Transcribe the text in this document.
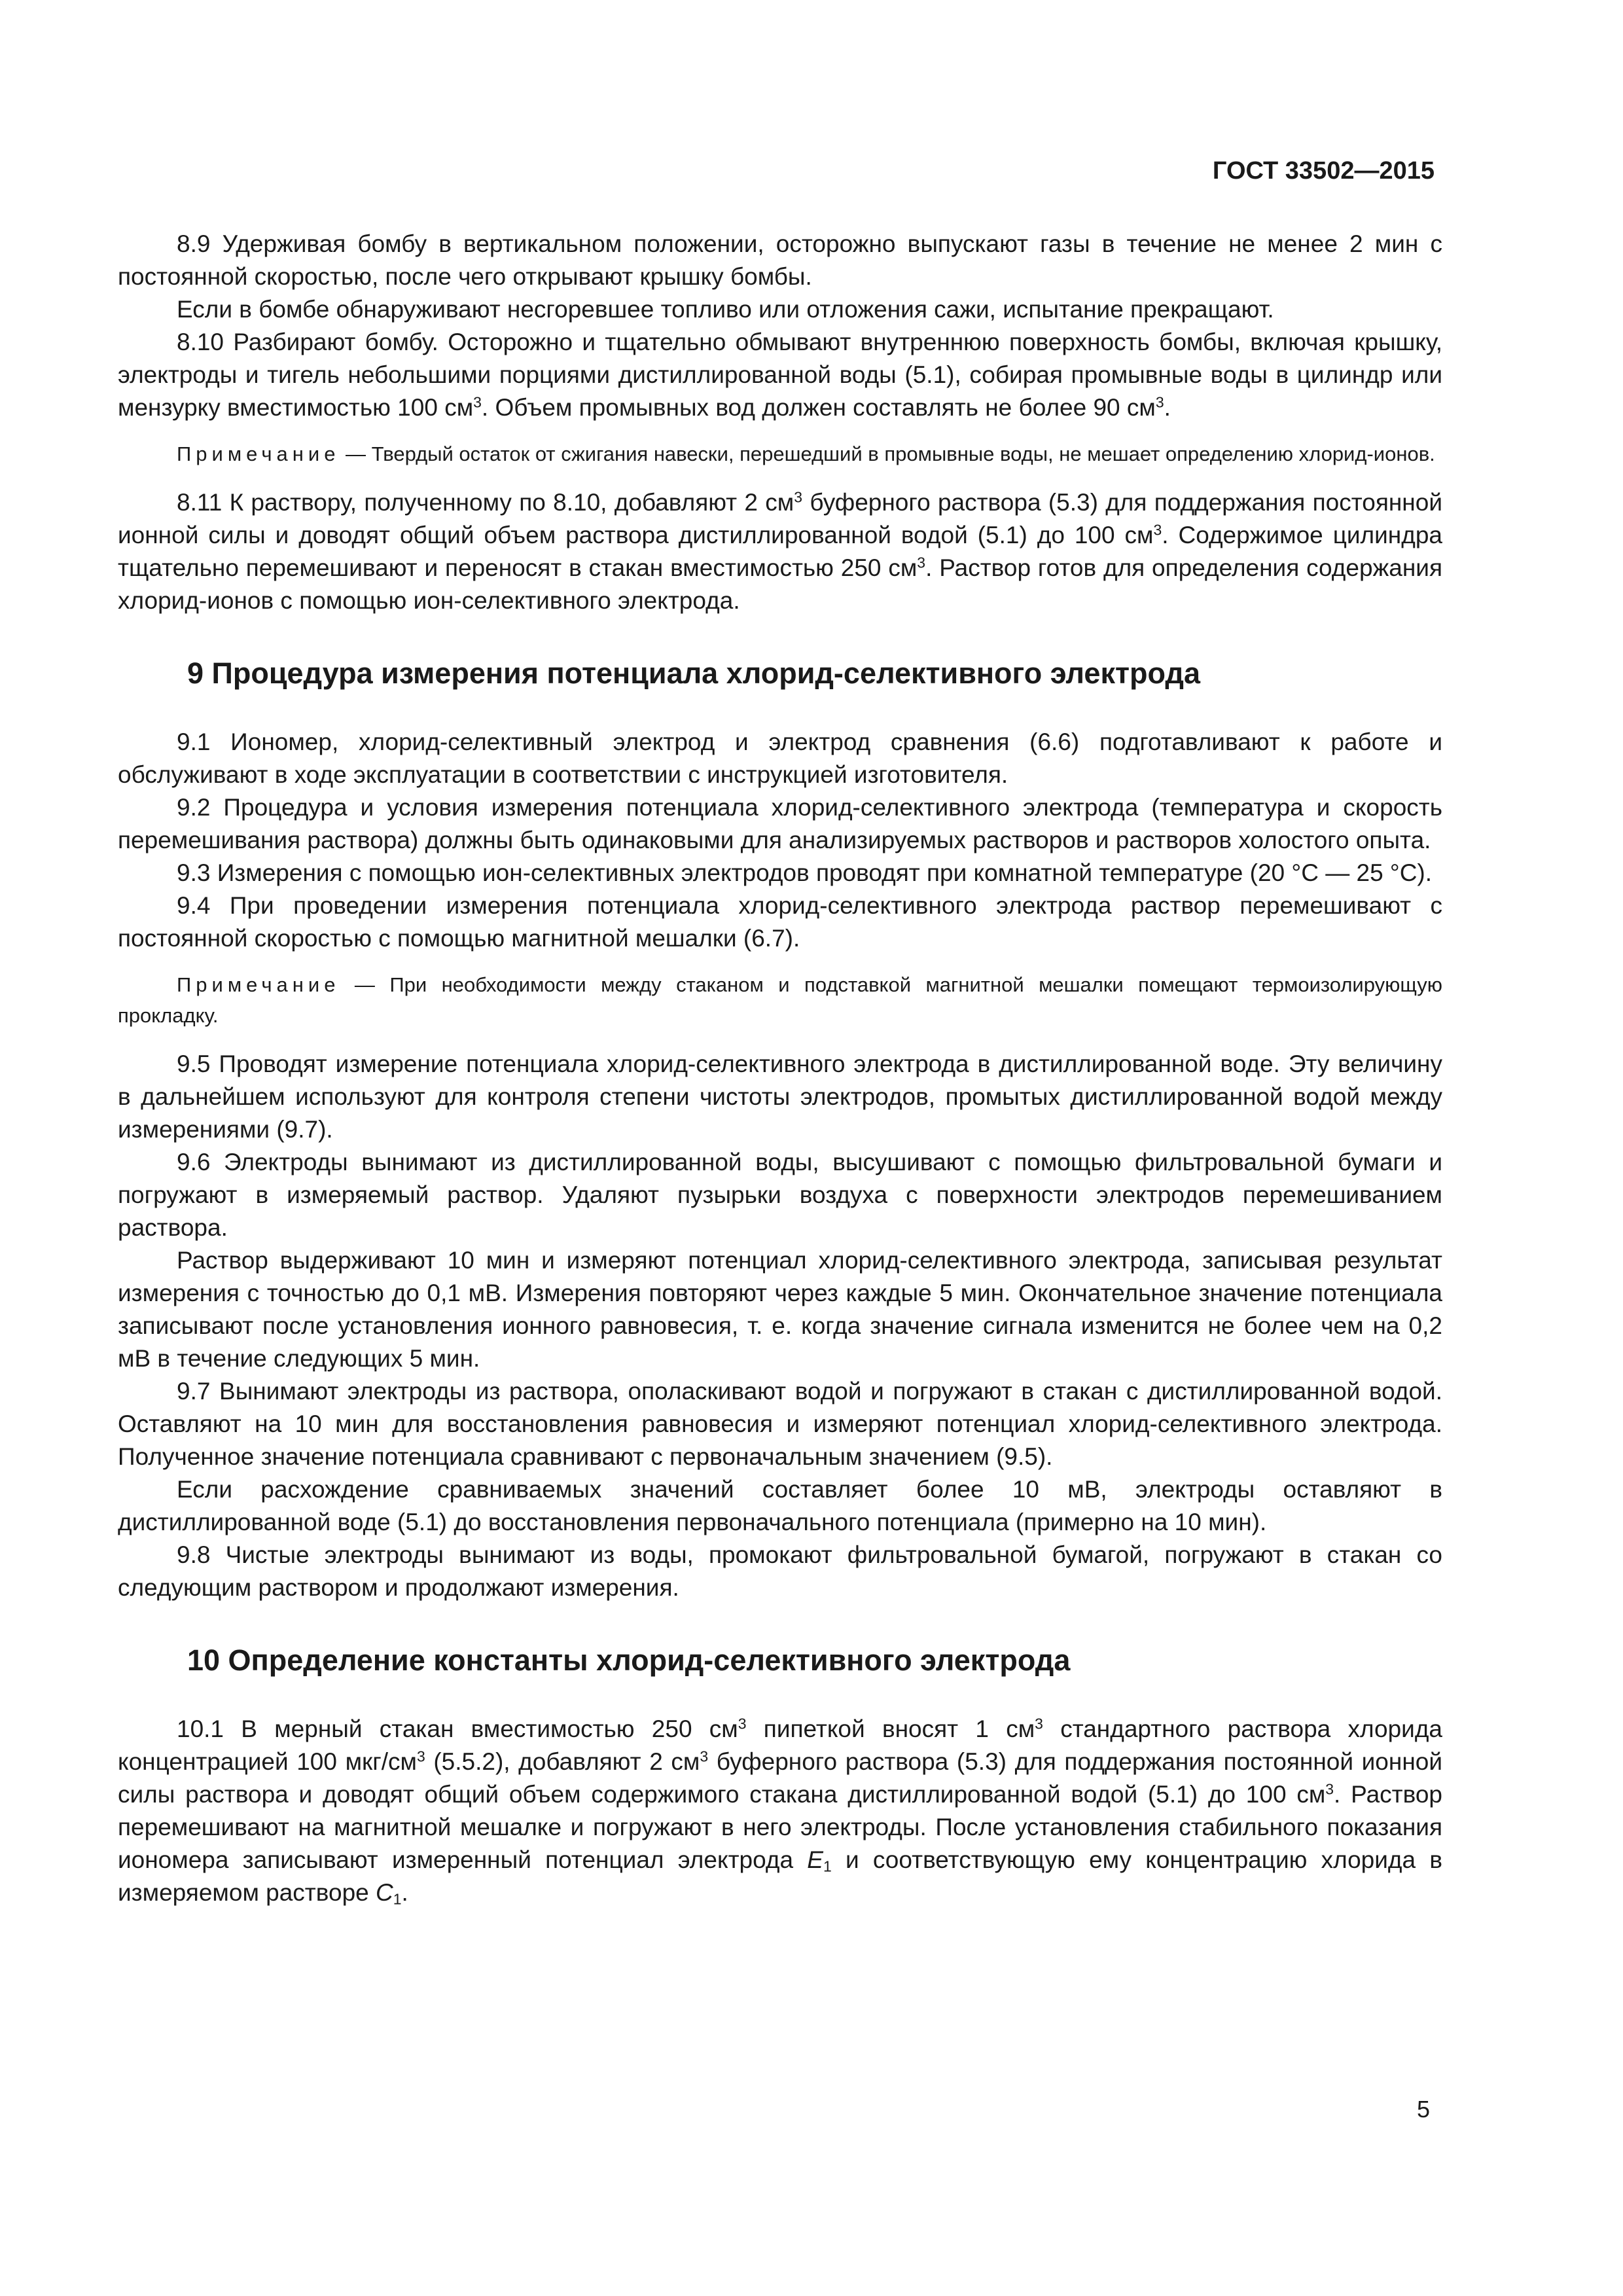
ГОСТ 33502—2015

8.9 Удерживая бомбу в вертикальном положении, осторожно выпускают газы в течение не менее 2 мин с постоянной скоростью, после чего открывают крышку бомбы.

Если в бомбе обнаруживают несгоревшее топливо или отложения сажи, испытание прекращают.

8.10 Разбирают бомбу. Осторожно и тщательно обмывают внутреннюю поверхность бомбы, включая крышку, электроды и тигель небольшими порциями дистиллированной воды (5.1), собирая промывные воды в цилиндр или мензурку вместимостью 100 $см^3$. Объем промывных вод должен составлять не более 90 $см^3$.

Примечание — Твердый остаток от сжигания навески, перешедший в промывные воды, не мешает определению хлорид-ионов.

8.11 К раствору, полученному по 8.10, добавляют 2 $см^3$ буферного раствора (5.3) для поддержания постоянной ионной силы и доводят общий объем раствора дистиллированной водой (5.1) до 100 $см^3$. Содержимое цилиндра тщательно перемешивают и переносят в стакан вместимостью 250 $см^3$. Раствор готов для определения содержания хлорид-ионов с помощью ион-селективного электрода.

9 Процедура измерения потенциала хлорид-селективного электрода

9.1 Иономер, хлорид-селективный электрод и электрод сравнения (6.6) подготавливают к работе и обслуживают в ходе эксплуатации в соответствии с инструкцией изготовителя.

9.2 Процедура и условия измерения потенциала хлорид-селективного электрода (температура и скорость перемешивания раствора) должны быть одинаковыми для анализируемых растворов и растворов холостого опыта.

9.3 Измерения с помощью ион-селективных электродов проводят при комнатной температуре (20 °C — 25 °C).

9.4 При проведении измерения потенциала хлорид-селективного электрода раствор перемешивают с постоянной скоростью с помощью магнитной мешалки (6.7).

Примечание — При необходимости между стаканом и подставкой магнитной мешалки помещают термоизолирующую прокладку.

9.5 Проводят измерение потенциала хлорид-селективного электрода в дистиллированной воде. Эту величину в дальнейшем используют для контроля степени чистоты электродов, промытых дистиллированной водой между измерениями (9.7).

9.6 Электроды вынимают из дистиллированной воды, высушивают с помощью фильтровальной бумаги и погружают в измеряемый раствор. Удаляют пузырьки воздуха с поверхности электродов перемешиванием раствора.

Раствор выдерживают 10 мин и измеряют потенциал хлорид-селективного электрода, записывая результат измерения с точностью до 0,1 мВ. Измерения повторяют через каждые 5 мин. Окончательное значение потенциала записывают после установления ионного равновесия, т. е. когда значение сигнала изменится не более чем на 0,2 мВ в течение следующих 5 мин.

9.7 Вынимают электроды из раствора, ополаскивают водой и погружают в стакан с дистиллированной водой. Оставляют на 10 мин для восстановления равновесия и измеряют потенциал хлорид-селективного электрода. Полученное значение потенциала сравнивают с первоначальным значением (9.5).

Если расхождение сравниваемых значений составляет более 10 мВ, электроды оставляют в дистиллированной воде (5.1) до восстановления первоначального потенциала (примерно на 10 мин).

9.8 Чистые электроды вынимают из воды, промокают фильтровальной бумагой, погружают в стакан со следующим раствором и продолжают измерения.

10 Определение константы хлорид-селективного электрода

10.1 В мерный стакан вместимостью 250 $см^3$ пипеткой вносят 1 $см^3$ стандартного раствора хлорида концентрацией 100 мкг/$см^3$ (5.5.2), добавляют 2 $см^3$ буферного раствора (5.3) для поддержания постоянной ионной силы раствора и доводят общий объем содержимого стакана дистиллированной водой (5.1) до 100 $см^3$. Раствор перемешивают на магнитной мешалке и погружают в него электроды. После установления стабильного показания иономера записывают измеренный потенциал электрода $E_1$ и соответствующую ему концентрацию хлорида в измеряемом растворе $C_1$.

5
